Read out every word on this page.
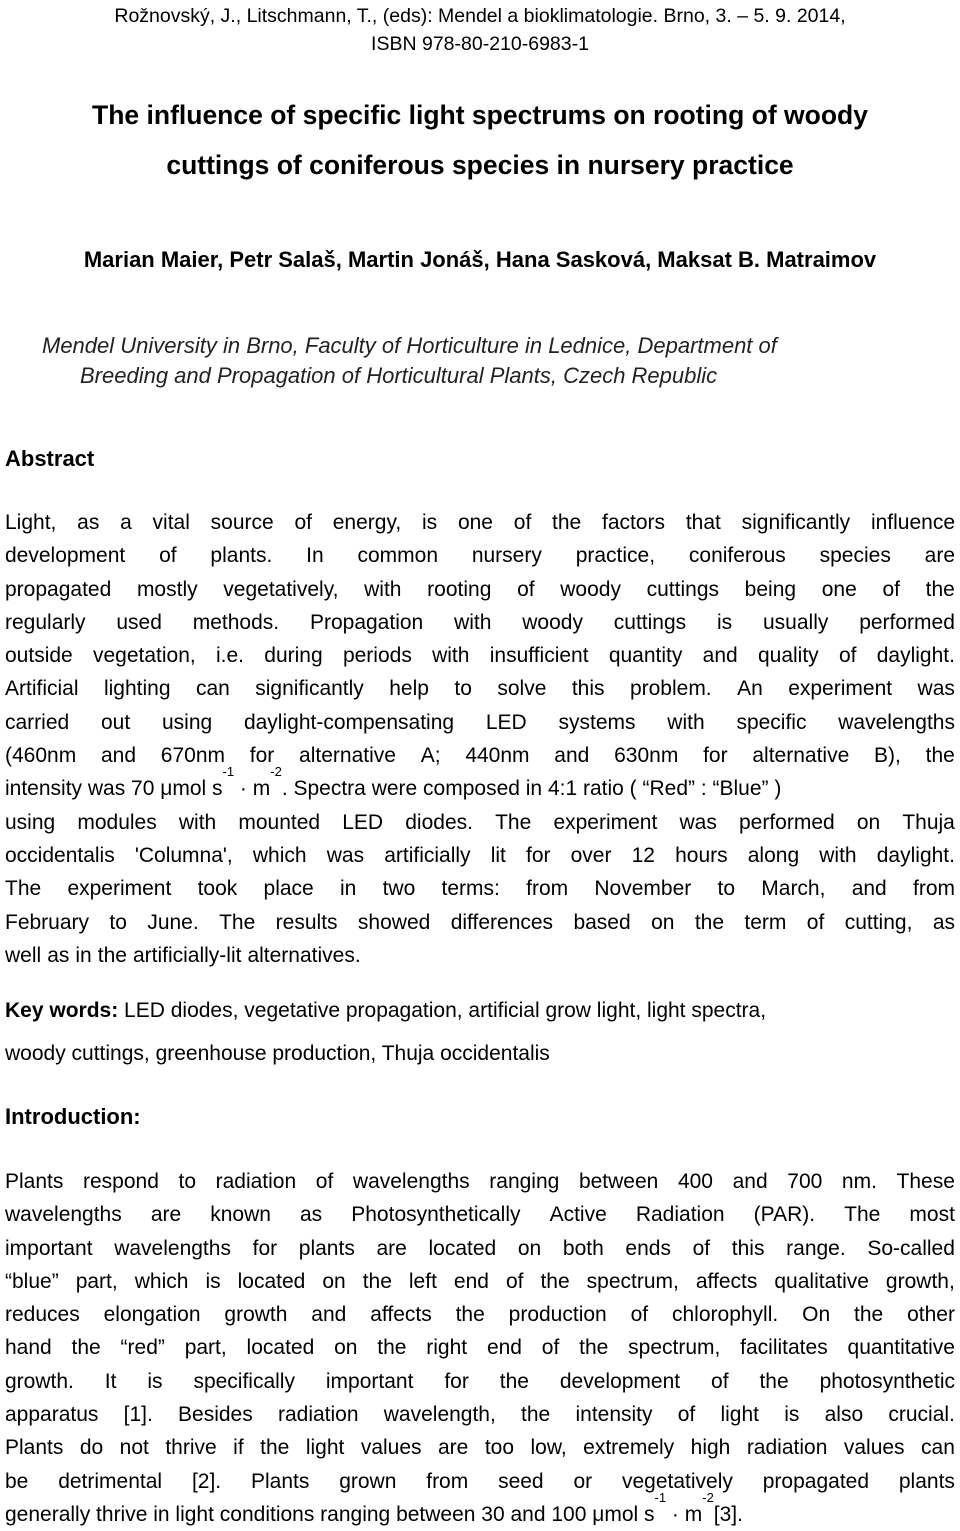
Rožnovský, J., Litschmann, T., (eds): Mendel a bioklimatologie. Brno, 3. – 5. 9. 2014,
ISBN 978-80-210-6983-1
The influence of specific light spectrums on rooting of woody
cuttings of coniferous species in nursery practice
Marian Maier, Petr Salaš, Martin Jonáš, Hana Sasková, Maksat B. Matraimov
Mendel University in Brno, Faculty of Horticulture in Lednice, Department of
Breeding and Propagation of Horticultural Plants, Czech Republic
Abstract
Light, as a vital source of energy, is one of the factors that significantly influence
development of plants. In common nursery practice, coniferous species are
propagated mostly vegetatively, with rooting of woody cuttings being one of the
regularly used methods. Propagation with woody cuttings is usually performed
outside vegetation, i.e. during periods with insufficient quantity and quality of daylight.
Artificial lighting can significantly help to solve this problem. An experiment was
carried out using daylight-compensating LED systems with specific wavelengths
(460nm and 670nm for alternative A; 440nm and 630nm for alternative B), the
intensity was 70 μmol s
-1
· m
-2
. Spectra were composed in 4:1 ratio ( “Red” : “Blue” )
using modules with mounted LED diodes. The experiment was performed on Thuja
occidentalis 'Columna', which was artificially lit for over 12 hours along with daylight.
The experiment took place in two terms: from November to March, and from
February to June. The results showed differences based on the term of cutting, as
well as in the artificially-lit alternatives.
Key words: LED diodes, vegetative propagation, artificial grow light, light spectra,
woody cuttings, greenhouse production, Thuja occidentalis
Introduction:
Plants respond to radiation of wavelengths ranging between 400 and 700 nm. These
wavelengths are known as Photosynthetically Active Radiation (PAR). The most
important wavelengths for plants are located on both ends of this range. So-called
“blue” part, which is located on the left end of the spectrum, affects qualitative growth,
reduces elongation growth and affects the production of chlorophyll. On the other
hand the “red” part, located on the right end of the spectrum, facilitates quantitative
growth. It is specifically important for the development of the photosynthetic
apparatus [1]. Besides radiation wavelength, the intensity of light is also crucial.
Plants do not thrive if the light values are too low, extremely high radiation values can
be detrimental [2]. Plants grown from seed or vegetatively propagated plants
generally thrive in light conditions ranging between 30 and 100 μmol s
-1
· m
-2
[3].
